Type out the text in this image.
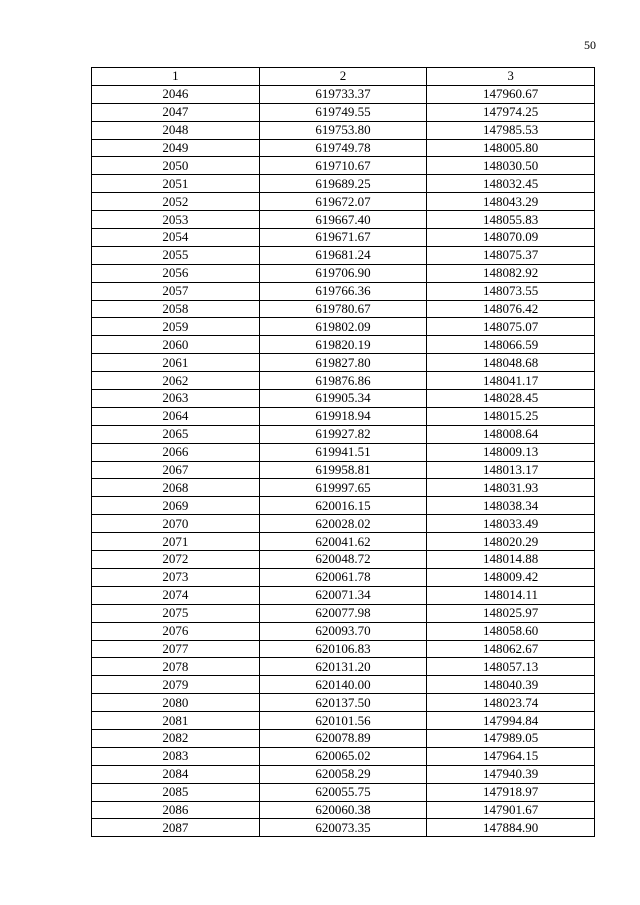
50
1	2	3
2046	619733.37	147960.67
2047	619749.55	147974.25
2048	619753.80	147985.53
2049	619749.78	148005.80
2050	619710.67	148030.50
2051	619689.25	148032.45
2052	619672.07	148043.29
2053	619667.40	148055.83
2054	619671.67	148070.09
2055	619681.24	148075.37
2056	619706.90	148082.92
2057	619766.36	148073.55
2058	619780.67	148076.42
2059	619802.09	148075.07
2060	619820.19	148066.59
2061	619827.80	148048.68
2062	619876.86	148041.17
2063	619905.34	148028.45
2064	619918.94	148015.25
2065	619927.82	148008.64
2066	619941.51	148009.13
2067	619958.81	148013.17
2068	619997.65	148031.93
2069	620016.15	148038.34
2070	620028.02	148033.49
2071	620041.62	148020.29
2072	620048.72	148014.88
2073	620061.78	148009.42
2074	620071.34	148014.11
2075	620077.98	148025.97
2076	620093.70	148058.60
2077	620106.83	148062.67
2078	620131.20	148057.13
2079	620140.00	148040.39
2080	620137.50	148023.74
2081	620101.56	147994.84
2082	620078.89	147989.05
2083	620065.02	147964.15
2084	620058.29	147940.39
2085	620055.75	147918.97
2086	620060.38	147901.67
2087	620073.35	147884.90
